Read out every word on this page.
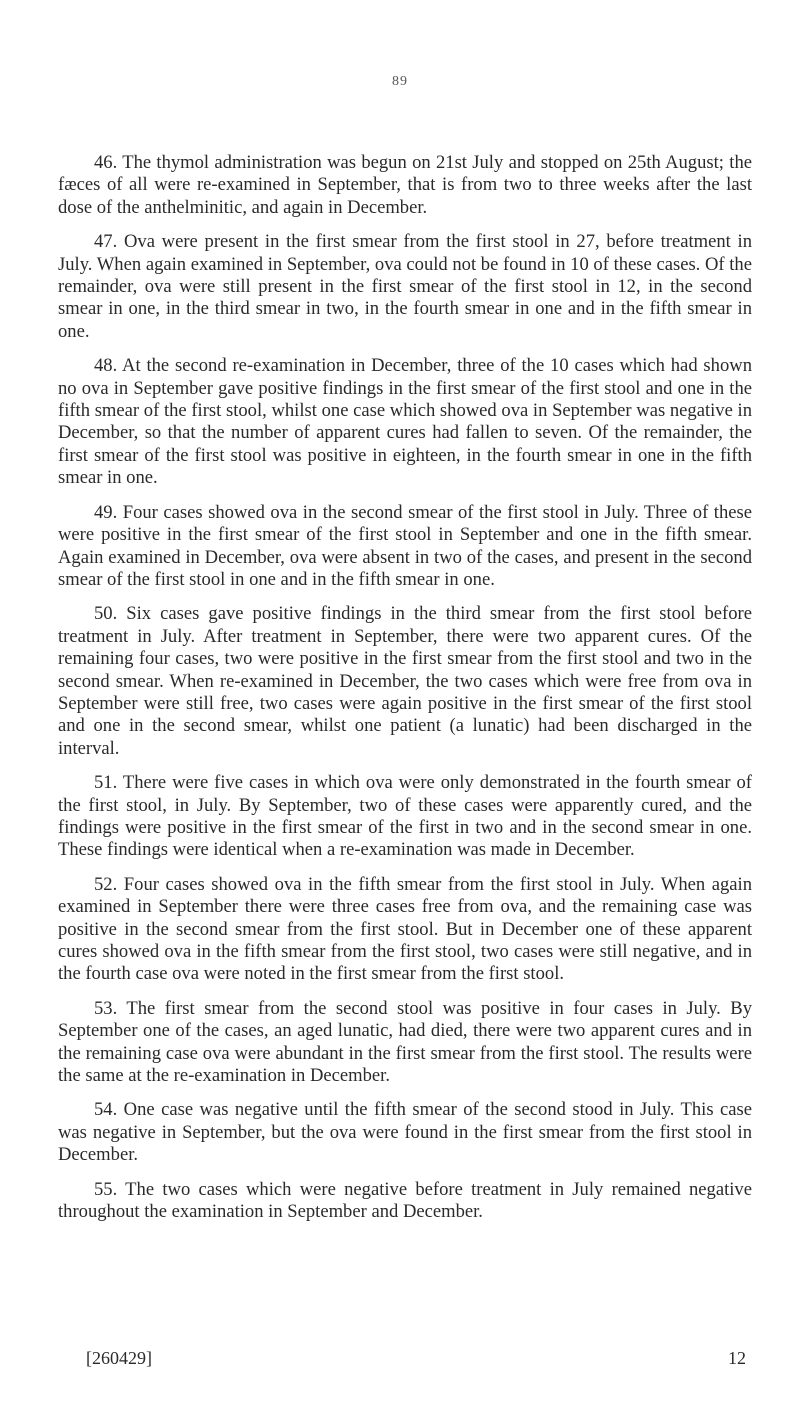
89

46. The thymol administration was begun on 21st July and stopped on 25th August; the fæces of all were re-examined in September, that is from two to three weeks after the last dose of the anthelminitic, and again in December.

47. Ova were present in the first smear from the first stool in 27, before treatment in July. When again examined in September, ova could not be found in 10 of these cases. Of the remainder, ova were still present in the first smear of the first stool in 12, in the second smear in one, in the third smear in two, in the fourth smear in one and in the fifth smear in one.

48. At the second re-examination in December, three of the 10 cases which had shown no ova in September gave positive findings in the first smear of the first stool and one in the fifth smear of the first stool, whilst one case which showed ova in September was negative in December, so that the number of apparent cures had fallen to seven. Of the remainder, the first smear of the first stool was positive in eighteen, in the fourth smear in one in the fifth smear in one.

49. Four cases showed ova in the second smear of the first stool in July. Three of these were positive in the first smear of the first stool in September and one in the fifth smear. Again examined in December, ova were absent in two of the cases, and present in the second smear of the first stool in one and in the fifth smear in one.

50. Six cases gave positive findings in the third smear from the first stool before treatment in July. After treatment in September, there were two apparent cures. Of the remaining four cases, two were positive in the first smear from the first stool and two in the second smear. When re-examined in December, the two cases which were free from ova in September were still free, two cases were again positive in the first smear of the first stool and one in the second smear, whilst one patient (a lunatic) had been discharged in the interval.

51. There were five cases in which ova were only demonstrated in the fourth smear of the first stool, in July. By September, two of these cases were apparently cured, and the findings were positive in the first smear of the first in two and in the second smear in one. These findings were identical when a re-examination was made in December.

52. Four cases showed ova in the fifth smear from the first stool in July. When again examined in September there were three cases free from ova, and the remaining case was positive in the second smear from the first stool. But in December one of these apparent cures showed ova in the fifth smear from the first stool, two cases were still negative, and in the fourth case ova were noted in the first smear from the first stool.

53. The first smear from the second stool was positive in four cases in July. By September one of the cases, an aged lunatic, had died, there were two apparent cures and in the remaining case ova were abundant in the first smear from the first stool. The results were the same at the re-examination in December.

54. One case was negative until the fifth smear of the second stood in July. This case was negative in September, but the ova were found in the first smear from the first stool in December.

55. The two cases which were negative before treatment in July remained negative throughout the examination in September and December.

[260429]	12
